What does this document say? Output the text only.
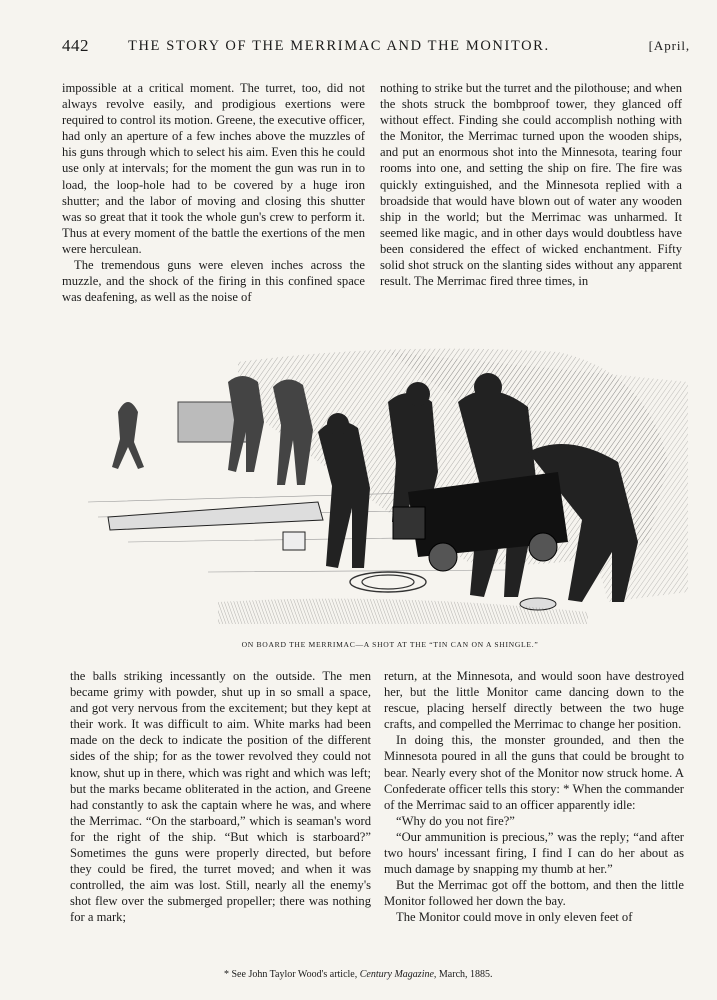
442	THE STORY OF THE MERRIMAC AND THE MONITOR.	[April,

impossible at a critical moment. The turret, too, did not always revolve easily, and prodigious exertions were required to control its motion. Greene, the executive officer, had only an aperture of a few inches above the muzzles of his guns through which to select his aim. Even this he could use only at intervals; for the moment the gun was run in to load, the loop-hole had to be covered by a huge iron shutter; and the labor of moving and closing this shutter was so great that it took the whole gun's crew to perform it. Thus at every moment of the battle the exertions of the men were herculean.

The tremendous guns were eleven inches across the muzzle, and the shock of the firing in this confined space was deafening, as well as the noise of

nothing to strike but the turret and the pilothouse; and when the shots struck the bombproof tower, they glanced off without effect. Finding she could accomplish nothing with the Monitor, the Merrimac turned upon the wooden ships, and put an enormous shot into the Minnesota, tearing four rooms into one, and setting the ship on fire. The fire was quickly extinguished, and the Minnesota replied with a broadside that would have blown out of water any wooden ship in the world; but the Merrimac was unharmed. It seemed like magic, and in other days would doubtless have been considered the effect of wicked enchantment. Fifty solid shot struck on the slanting sides without any apparent result. The Merrimac fired three times, in

ON BOARD THE MERRIMAC—A SHOT AT THE “TIN CAN ON A SHINGLE.”

the balls striking incessantly on the outside. The men became grimy with powder, shut up in so small a space, and got very nervous from the excitement; but they kept at their work. It was difficult to aim. White marks had been made on the deck to indicate the position of the different sides of the ship; for as the tower revolved they could not know, shut up in there, which was right and which was left; but the marks became obliterated in the action, and Greene had constantly to ask the captain where he was, and where the Merrimac. “On the starboard,” which is seaman's word for the right of the ship. “But which is starboard?” Sometimes the guns were properly directed, but before they could be fired, the turret moved; and when it was controlled, the aim was lost. Still, nearly all the enemy's shot flew over the submerged propeller; there was nothing for a mark;

return, at the Minnesota, and would soon have destroyed her, but the little Monitor came dancing down to the rescue, placing herself directly between the two huge crafts, and compelled the Merrimac to change her position.

In doing this, the monster grounded, and then the Minnesota poured in all the guns that could be brought to bear. Nearly every shot of the Monitor now struck home. A Confederate officer tells this story: * When the commander of the Merrimac said to an officer apparently idle:

“Why do you not fire?”

“Our ammunition is precious,” was the reply; “and after two hours' incessant firing, I find I can do her about as much damage by snapping my thumb at her.”

But the Merrimac got off the bottom, and then the little Monitor followed her down the bay.

The Monitor could move in only eleven feet of

* See John Taylor Wood's article, Century Magazine, March, 1885.
